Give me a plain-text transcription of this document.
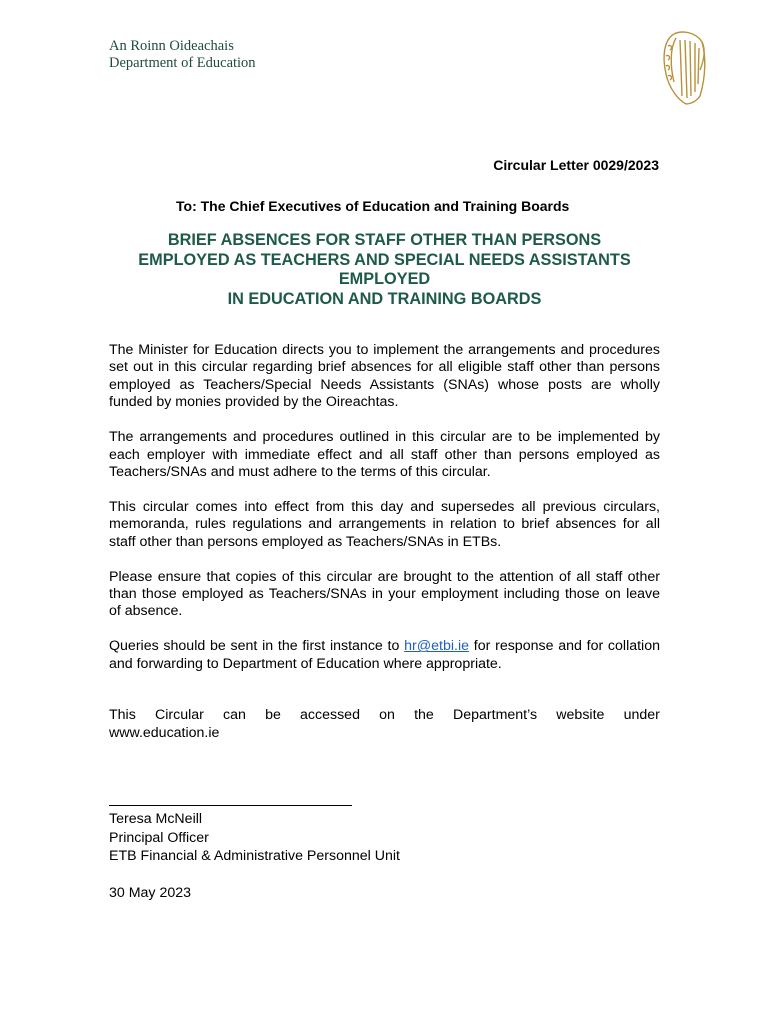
An Roinn Oideachais
Department of Education
Circular Letter 0029/2023
To: The Chief Executives of Education and Training Boards
BRIEF ABSENCES FOR STAFF OTHER THAN PERSONS
EMPLOYED AS TEACHERS AND SPECIAL NEEDS ASSISTANTS
EMPLOYED
IN EDUCATION AND TRAINING BOARDS

The Minister for Education directs you to implement the arrangements and procedures set out in this circular regarding brief absences for all eligible staff other than persons employed as Teachers/Special Needs Assistants (SNAs) whose posts are wholly funded by monies provided by the Oireachtas.

The arrangements and procedures outlined in this circular are to be implemented by each employer with immediate effect and all staff other than persons employed as Teachers/SNAs and must adhere to the terms of this circular.

This circular comes into effect from this day and supersedes all previous circulars, memoranda, rules regulations and arrangements in relation to brief absences for all staff other than persons employed as Teachers/SNAs in ETBs.

Please ensure that copies of this circular are brought to the attention of all staff other than those employed as Teachers/SNAs in your employment including those on leave of absence.

Queries should be sent in the first instance to hr@etbi.ie for response and for collation and forwarding to Department of Education where appropriate.

This Circular can be accessed on the Department’s website under
www.education.ie
Teresa McNeill
Principal Officer
ETB Financial & Administrative Personnel Unit
30 May 2023
